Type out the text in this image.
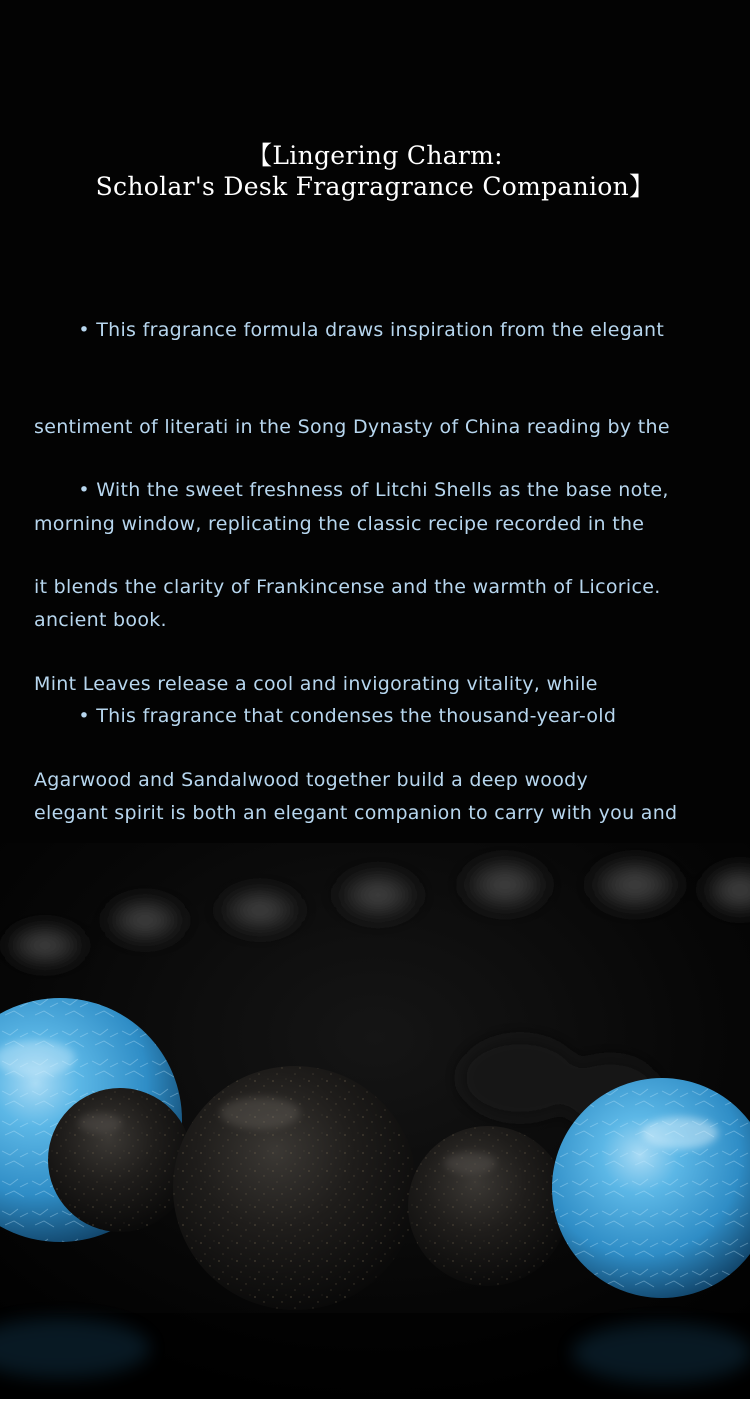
【Lingering Charm:
Scholar's Desk Fragragrance Companion】

• This fragrance formula draws inspiration from the elegant

sentiment of literati in the Song Dynasty of China reading by the

morning window, replicating the classic recipe recorded in the

ancient book.

• With the sweet freshness of Litchi Shells as the base note,

it blends the clarity of Frankincense and the warmth of Licorice.

Mint Leaves release a cool and invigorating vitality, while

Agarwood and Sandalwood together build a deep woody

• This fragrance that condenses the thousand-year-old

elegant spirit is both an elegant companion to carry with you and
